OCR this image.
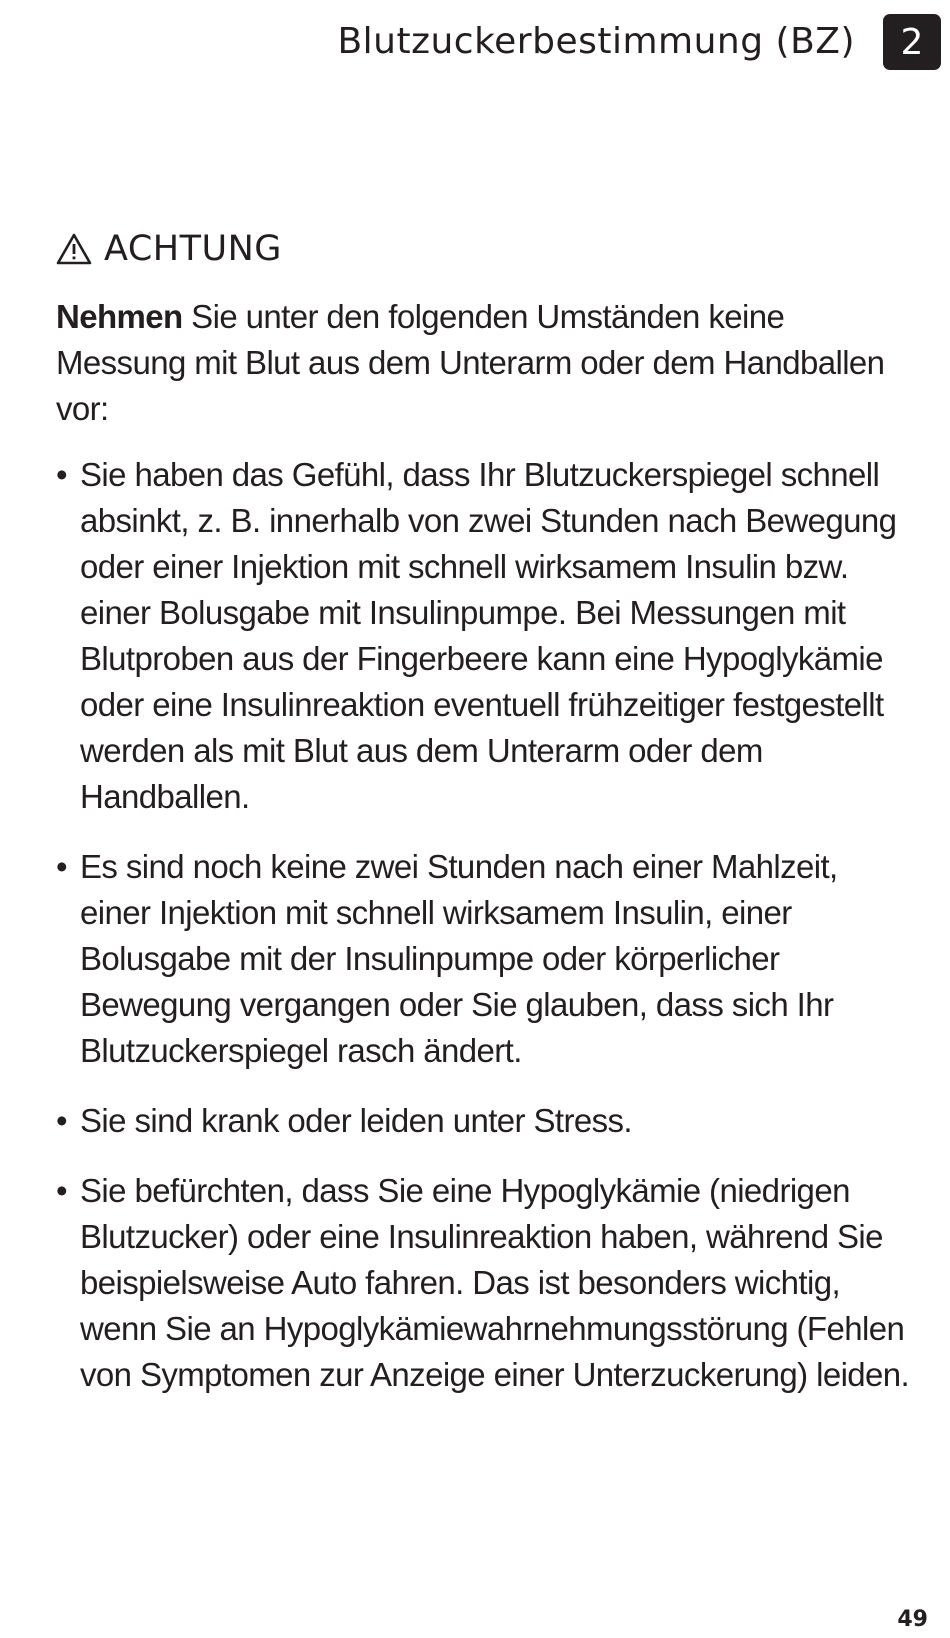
Blutzuckerbestimmung (BZ)	2
ACHTUNG

Nehmen Sie unter den folgenden Umständen keine Messung mit Blut aus dem Unterarm oder dem Handballen vor:

• Sie haben das Gefühl, dass Ihr Blutzuckerspiegel schnell absinkt, z. B. innerhalb von zwei Stunden nach Bewegung oder einer Injektion mit schnell wirksamem Insulin bzw. einer Bolusgabe mit Insulinpumpe. Bei Messungen mit Blutproben aus der Fingerbeere kann eine Hypoglykämie oder eine Insulinreaktion eventuell frühzeitiger festgestellt werden als mit Blut aus dem Unterarm oder dem Handballen.
• Es sind noch keine zwei Stunden nach einer Mahlzeit, einer Injektion mit schnell wirksamem Insulin, einer Bolusgabe mit der Insulinpumpe oder körperlicher Bewegung vergangen oder Sie glauben, dass sich Ihr Blutzuckerspiegel rasch ändert.
• Sie sind krank oder leiden unter Stress.
• Sie befürchten, dass Sie eine Hypoglykämie (niedrigen Blutzucker) oder eine Insulinreaktion haben, während Sie beispielsweise Auto fahren. Das ist besonders wichtig, wenn Sie an Hypoglykämiewahrnehmungsstörung (Fehlen von Symptomen zur Anzeige einer Unterzuckerung) leiden.
49
